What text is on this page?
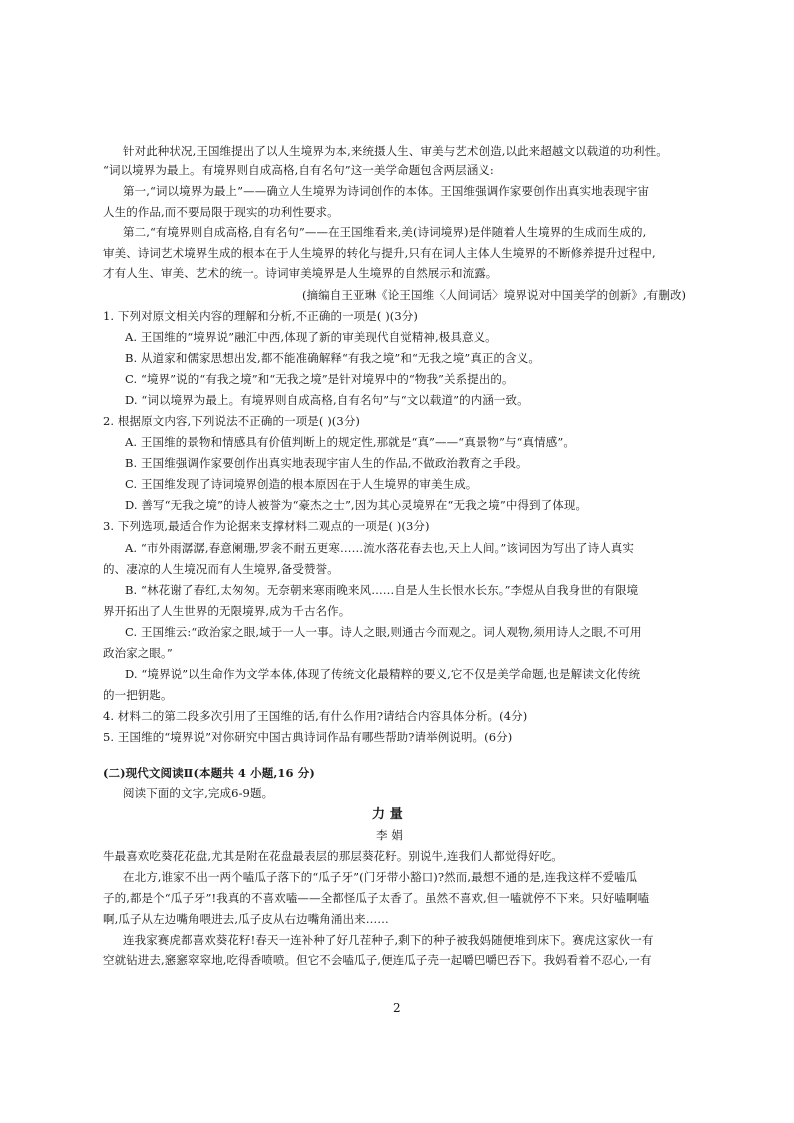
针对此种状况,王国维提出了以人生境界为本,来统摄人生、审美与艺术创造,以此来超越文以载道的功利性。
“词以境界为最上。有境界则自成高格,自有名句”这一美学命题包含两层涵义:
第一,“词以境界为最上”——确立人生境界为诗词创作的本体。王国维强调作家要创作出真实地表现宇宙
人生的作品,而不要局限于现实的功利性要求。
第二,“有境界则自成高格,自有名句”——在王国维看来,美(诗词境界)是伴随着人生境界的生成而生成的,
审美、诗词艺术境界生成的根本在于人生境界的转化与提升,只有在词人主体人生境界的不断修养提升过程中,
才有人生、审美、艺术的统一。诗词审美境界是人生境界的自然展示和流露。
(摘编自王亚琳《论王国维〈人间词话〉境界说对中国美学的创新》,有删改)
1. 下列对原文相关内容的理解和分析,不正确的一项是( )(3分)
A. 王国维的“境界说”融汇中西,体现了新的审美现代自觉精神,极具意义。
B. 从道家和儒家思想出发,都不能准确解释“有我之境”和“无我之境”真正的含义。
C. “境界”说的“有我之境”和“无我之境”是针对境界中的“物我”关系提出的。
D. “词以境界为最上。有境界则自成高格,自有名句”与“文以载道”的内涵一致。
2. 根据原文内容,下列说法不正确的一项是( )(3分)
A. 王国维的景物和情感具有价值判断上的规定性,那就是“真”——“真景物”与“真情感”。
B. 王国维强调作家要创作出真实地表现宇宙人生的作品,不做政治教育之手段。
C. 王国维发现了诗词境界创造的根本原因在于人生境界的审美生成。
D. 善写“无我之境”的诗人被誉为“豪杰之士”,因为其心灵境界在“无我之境”中得到了体现。
3. 下列选项,最适合作为论据来支撑材料二观点的一项是( )(3分)
A. “市外雨潺潺,春意阑珊,罗衾不耐五更寒……流水落花春去也,天上人间。”该词因为写出了诗人真实
的、凄凉的人生境况而有人生境界,备受赞誉。
B. “林花谢了春红,太匆匆。无奈朝来寒雨晚来风……自是人生长恨水长东。”李煜从自我身世的有限境
界开拓出了人生世界的无限境界,成为千古名作。
C. 王国维云:“政治家之眼,域于一人一事。诗人之眼,则通古今而观之。词人观物,须用诗人之眼,不可用
政治家之眼。”
D. “境界说”以生命作为文学本体,体现了传统文化最精粹的要义,它不仅是美学命题,也是解读文化传统
的一把钥匙。
4. 材料二的第二段多次引用了王国维的话,有什么作用?请结合内容具体分析。(4分)
5. 王国维的“境界说”对你研究中国古典诗词作品有哪些帮助?请举例说明。(6分)
(二)现代文阅读Ⅱ(本题共 4 小题,16 分)
阅读下面的文字,完成6-9题。
力 量
李 娟
牛最喜欢吃葵花花盘,尤其是附在花盘最表层的那层葵花籽。别说牛,连我们人都觉得好吃。
在北方,谁家不出一两个嗑瓜子落下的“瓜子牙”(门牙带小豁口)?然而,最想不通的是,连我这样不爱嗑瓜
子的,都是个“瓜子牙”!我真的不喜欢嗑——全都怪瓜子太香了。虽然不喜欢,但一嗑就停不下来。只好嗑啊嗑
啊,瓜子从左边嘴角喂进去,瓜子皮从右边嘴角涌出来……
连我家赛虎都喜欢葵花籽!春天一连补种了好几茬种子,剩下的种子被我妈随便堆到床下。赛虎这家伙一有
空就钻进去,窸窸窣窣地,吃得香喷喷。但它不会嗑瓜子,便连瓜子壳一起嚼巴嚼巴吞下。我妈看着不忍心,一有
2
